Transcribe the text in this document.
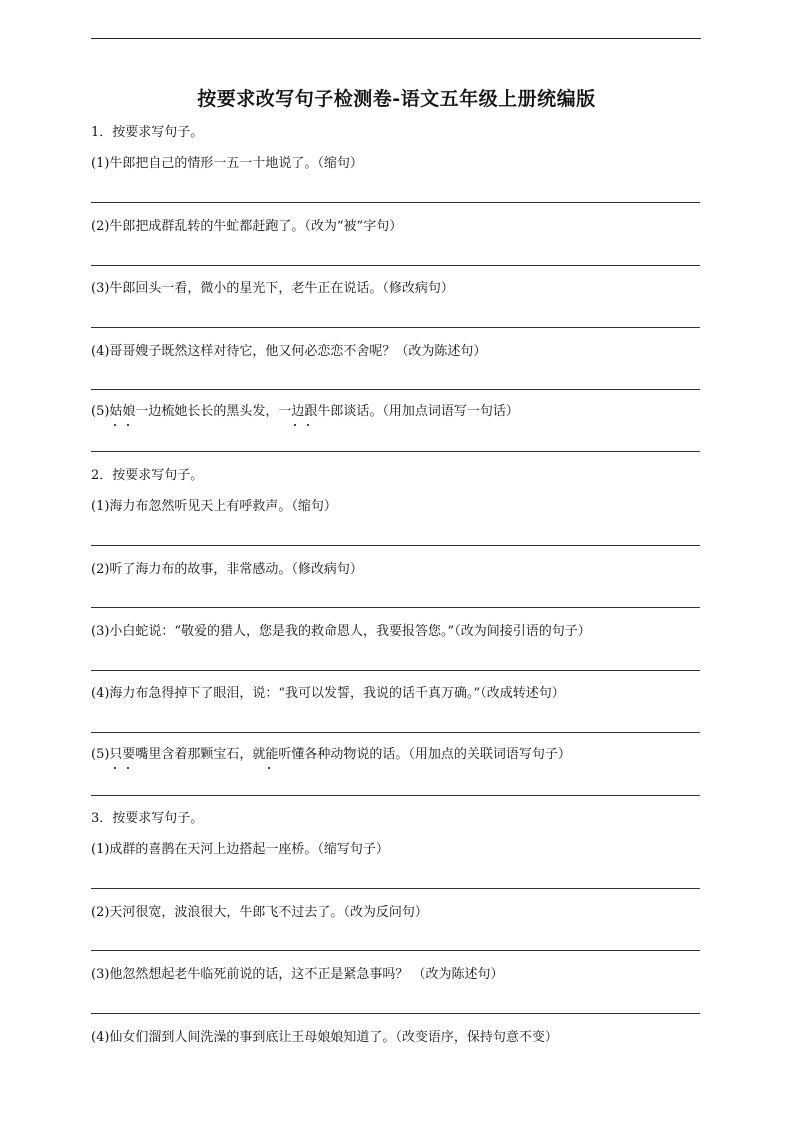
按要求改写句子检测卷-语文五年级上册统编版
1．按要求写句子。
(1)牛郎把自己的情形一五一十地说了。（缩句）
(2)牛郎把成群乱转的牛虻都赶跑了。（改为“被”字句）
(3)牛郎回头一看，微小的星光下，老牛正在说话。（修改病句）
(4)哥哥嫂子既然这样对待它，他又何必恋恋不舍呢？（改为陈述句）
(5)姑娘一边梳她长长的黑头发，一边跟牛郎谈话。（用加点词语写一句话）
2．按要求写句子。
(1)海力布忽然听见天上有呼救声。（缩句）
(2)听了海力布的故事，非常感动。（修改病句）
(3)小白蛇说：“敬爱的猎人，您是我的救命恩人，我要报答您。”（改为间接引语的句子）
(4)海力布急得掉下了眼泪，说：“我可以发誓，我说的话千真万确。”（改成转述句）
(5)只要嘴里含着那颗宝石，就能听懂各种动物说的话。（用加点的关联词语写句子）
3．按要求写句子。
(1)成群的喜鹊在天河上边搭起一座桥。（缩写句子）
(2)天河很宽，波浪很大，牛郎飞不过去了。（改为反问句）
(3)他忽然想起老牛临死前说的话，这不正是紧急事吗？ （改为陈述句）
(4)仙女们溜到人间洗澡的事到底让王母娘娘知道了。（改变语序，保持句意不变）
